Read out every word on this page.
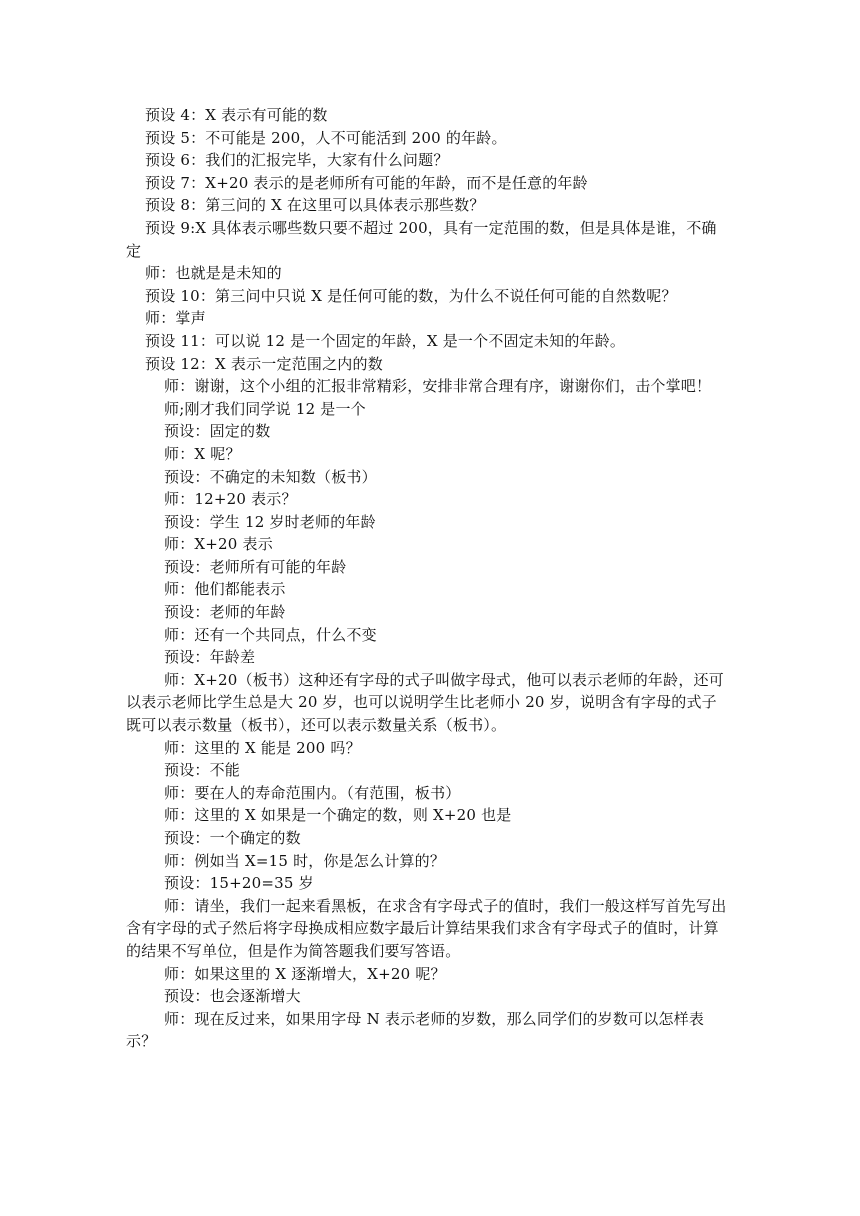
预设 4：X 表示有可能的数

预设 5：不可能是 200，人不可能活到 200 的年龄。

预设 6：我们的汇报完毕，大家有什么问题？

预设 7：X+20 表示的是老师所有可能的年龄，而不是任意的年龄

预设 8：第三问的 X 在这里可以具体表示那些数？

预设 9:X 具体表示哪些数只要不超过 200，具有一定范围的数，但是具体是谁，不确定

师：也就是是未知的

预设 10：第三问中只说 X 是任何可能的数，为什么不说任何可能的自然数呢？

师：掌声

预设 11：可以说 12 是一个固定的年龄，X 是一个不固定未知的年龄。

预设 12：X 表示一定范围之内的数

师：谢谢，这个小组的汇报非常精彩，安排非常合理有序，谢谢你们，击个掌吧！

师;刚才我们同学说 12 是一个

预设：固定的数

师：X 呢？

预设：不确定的未知数（板书）

师：12+20 表示？

预设：学生 12 岁时老师的年龄

师：X+20 表示

预设：老师所有可能的年龄

师：他们都能表示

预设：老师的年龄

师：还有一个共同点，什么不变

预设：年龄差

师：X+20（板书）这种还有字母的式子叫做字母式，他可以表示老师的年龄，还可以表示老师比学生总是大 20 岁，也可以说明学生比老师小 20 岁，说明含有字母的式子既可以表示数量（板书），还可以表示数量关系（板书）。

师：这里的 X 能是 200 吗？

预设：不能

师：要在人的寿命范围内。（有范围，板书）

师：这里的 X 如果是一个确定的数，则 X+20 也是

预设：一个确定的数

师：例如当 X=15 时，你是怎么计算的？

预设：15+20=35 岁

师：请坐，我们一起来看黑板，在求含有字母式子的值时，我们一般这样写首先写出含有字母的式子然后将字母换成相应数字最后计算结果我们求含有字母式子的值时，计算的结果不写单位，但是作为简答题我们要写答语。

师：如果这里的 X 逐渐增大，X+20 呢？

预设：也会逐渐增大

师：现在反过来，如果用字母 N 表示老师的岁数，那么同学们的岁数可以怎样表示？
